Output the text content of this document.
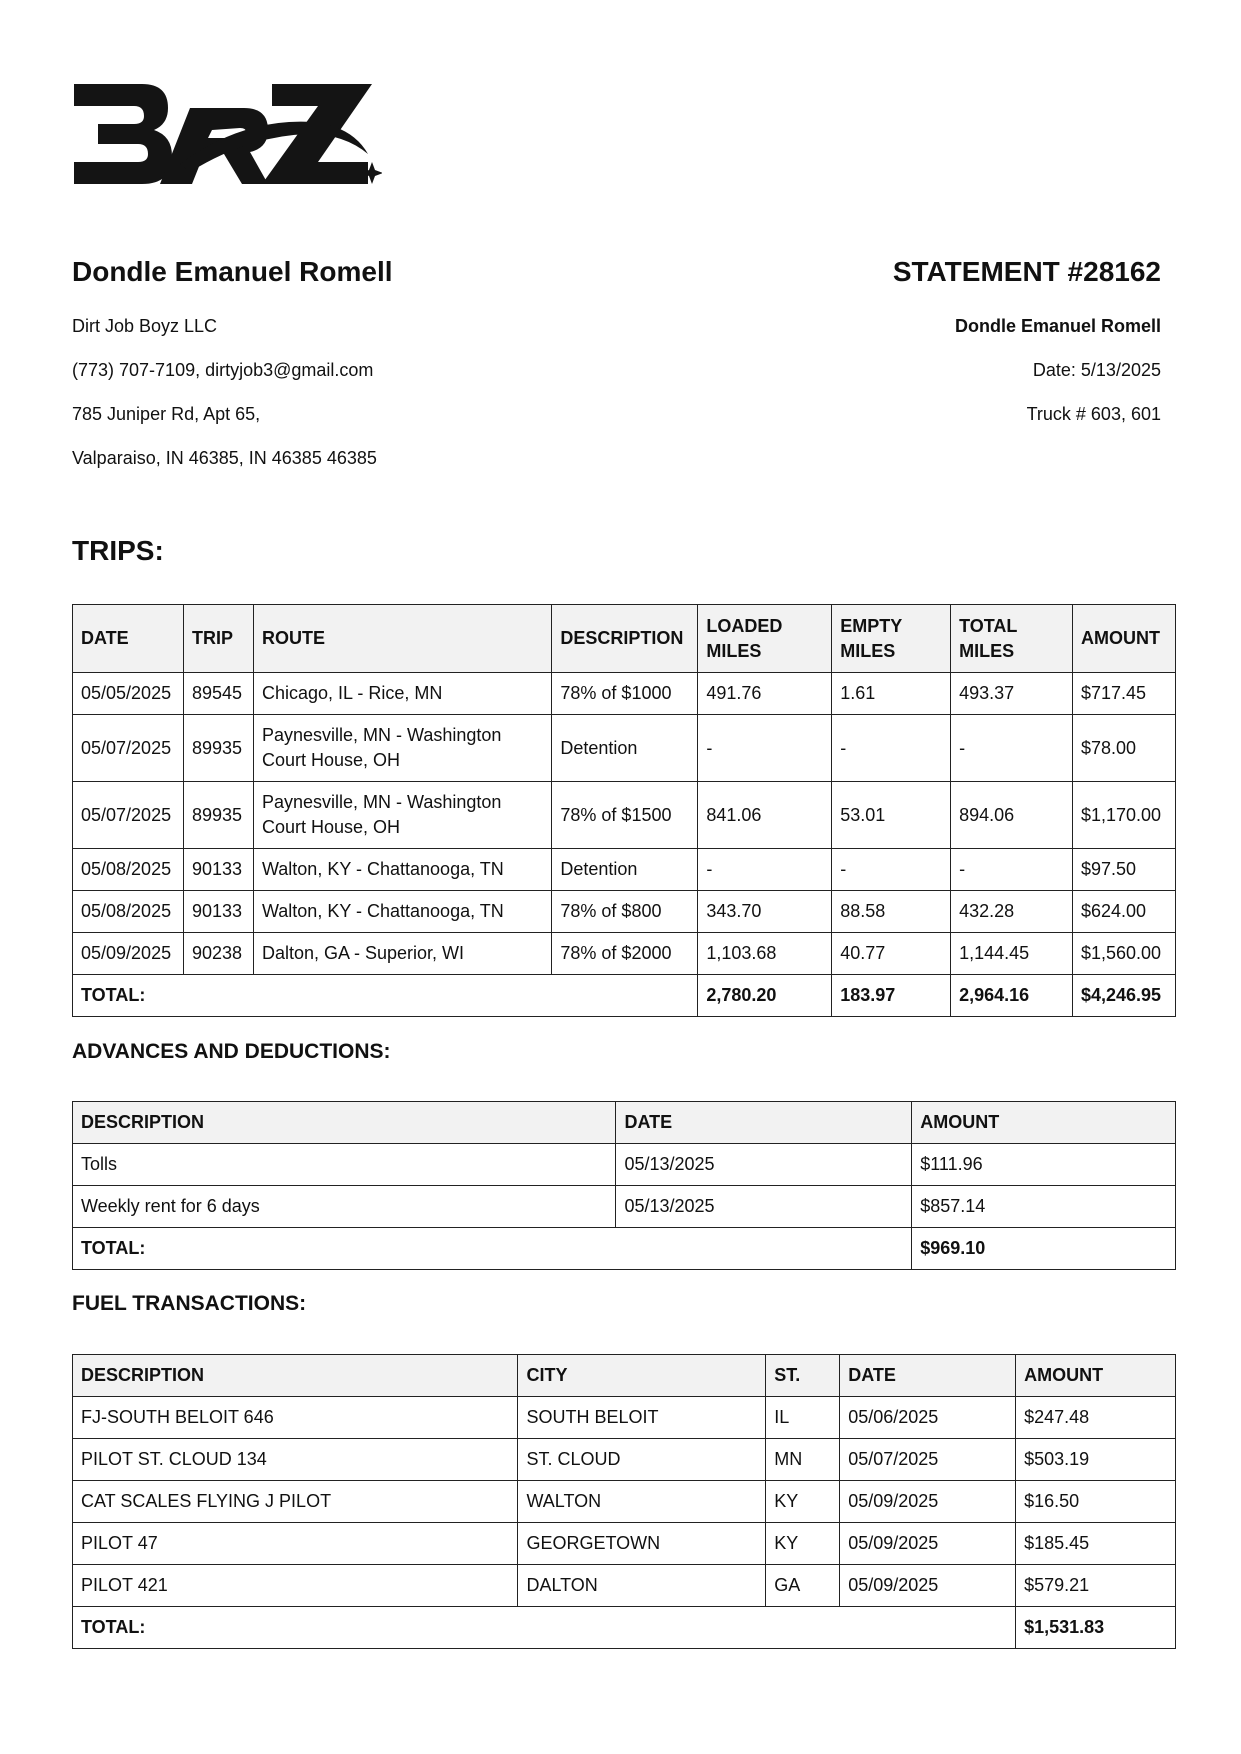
Dondle Emanuel Romell
Dirt Job Boyz LLC
(773) 707-7109, dirtyjob3@gmail.com
785 Juniper Rd, Apt 65,
Valparaiso, IN 46385, IN 46385 46385
STATEMENT #28162
Dondle Emanuel Romell
Date: 5/13/2025
Truck # 603, 601
TRIPS:
DATE	TRIP	ROUTE	DESCRIPTION	LOADED MILES	EMPTY MILES	TOTAL MILES	AMOUNT
05/05/2025	89545	Chicago, IL - Rice, MN	78% of $1000	491.76	1.61	493.37	$717.45
05/07/2025	89935	Paynesville, MN - Washington Court House, OH	Detention	-	-	-	$78.00
05/07/2025	89935	Paynesville, MN - Washington Court House, OH	78% of $1500	841.06	53.01	894.06	$1,170.00
05/08/2025	90133	Walton, KY - Chattanooga, TN	Detention	-	-	-	$97.50
05/08/2025	90133	Walton, KY - Chattanooga, TN	78% of $800	343.70	88.58	432.28	$624.00
05/09/2025	90238	Dalton, GA - Superior, WI	78% of $2000	1,103.68	40.77	1,144.45	$1,560.00
TOTAL:				2,780.20	183.97	2,964.16	$4,246.95
ADVANCES AND DEDUCTIONS:
DESCRIPTION	DATE	AMOUNT
Tolls	05/13/2025	$111.96
Weekly rent for 6 days	05/13/2025	$857.14
TOTAL:		$969.10
FUEL TRANSACTIONS:
DESCRIPTION	CITY	ST.	DATE	AMOUNT
FJ-SOUTH BELOIT 646	SOUTH BELOIT	IL	05/06/2025	$247.48
PILOT ST. CLOUD 134	ST. CLOUD	MN	05/07/2025	$503.19
CAT SCALES FLYING J PILOT	WALTON	KY	05/09/2025	$16.50
PILOT 47	GEORGETOWN	KY	05/09/2025	$185.45
PILOT 421	DALTON	GA	05/09/2025	$579.21
TOTAL:				$1,531.83
